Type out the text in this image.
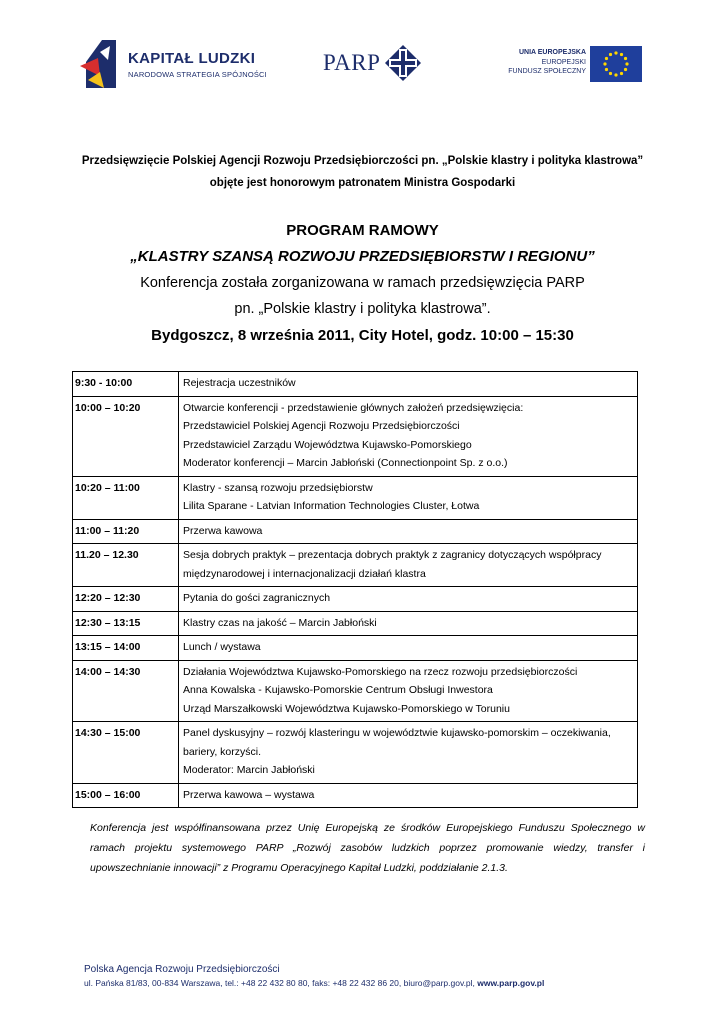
KAPITAŁ LUDZKI
NARODOWA STRATEGIA SPÓJNOŚCI PARP	UNIA EUROPEJSKA
EUROPEJSKI
FUNDUSZ SPOŁECZNY
Przedsięwzięcie Polskiej Agencji Rozwoju Przedsiębiorczości pn. „Polskie klastry i polityka klastrowa” objęte jest honorowym patronatem Ministra Gospodarki
PROGRAM RAMOWY
„KLASTRY SZANSĄ ROZWOJU PRZEDSIĘBIORSTW I REGIONU”
Konferencja została zorganizowana w ramach przedsięwzięcia PARP
pn. „Polskie klastry i polityka klastrowa”.
Bydgoszcz, 8 września 2011, City Hotel, godz. 10:00 – 15:30
9:30 - 10:00	Rejestracja uczestników

10:00 – 10:20	Otwarcie konferencji - przedstawienie głównych założeń przedsięwzięcia:
Przedstawiciel Polskiej Agencji Rozwoju Przedsiębiorczości
Przedstawiciel Zarządu Województwa Kujawsko-Pomorskiego
Moderator konferencji – Marcin Jabłoński (Connectionpoint Sp. z o.o.)

10:20 – 11:00	Klastry - szansą rozwoju przedsiębiorstw
Lilita Sparane - Latvian Information Technologies Cluster, Łotwa

11:00 – 11:20	Przerwa kawowa

11.20 – 12.30	Sesja dobrych praktyk – prezentacja dobrych praktyk z zagranicy dotyczących współpracy
międzynarodowej i internacjonalizacji działań klastra

12:20 – 12:30	Pytania do gości zagranicznych

12:30 – 13:15	Klastry czas na jakość – Marcin Jabłoński

13:15 – 14:00	Lunch / wystawa

14:00 – 14:30	Działania Województwa Kujawsko-Pomorskiego na rzecz rozwoju przedsiębiorczości
Anna Kowalska - Kujawsko-Pomorskie Centrum Obsługi Inwestora
Urząd Marszałkowski Województwa Kujawsko-Pomorskiego w Toruniu

14:30 – 15:00	Panel dyskusyjny – rozwój klasteringu w województwie kujawsko-pomorskim – oczekiwania,
bariery, korzyści.
Moderator: Marcin Jabłoński

15:00 – 16:00	Przerwa kawowa – wystawa
Konferencja jest współfinansowana przez Unię Europejską ze środków Europejskiego Funduszu Społecznego w ramach projektu systemowego PARP „Rozwój zasobów ludzkich poprzez promowanie wiedzy, transfer i upowszechnianie innowacji” z Programu Operacyjnego Kapitał Ludzki, poddziałanie 2.1.3.
Polska Agencja Rozwoju Przedsiębiorczości
ul. Pańska 81/83, 00-834 Warszawa, tel.: +48 22 432 80 80, faks: +48 22 432 86 20, biuro@parp.gov.pl, www.parp.gov.pl
